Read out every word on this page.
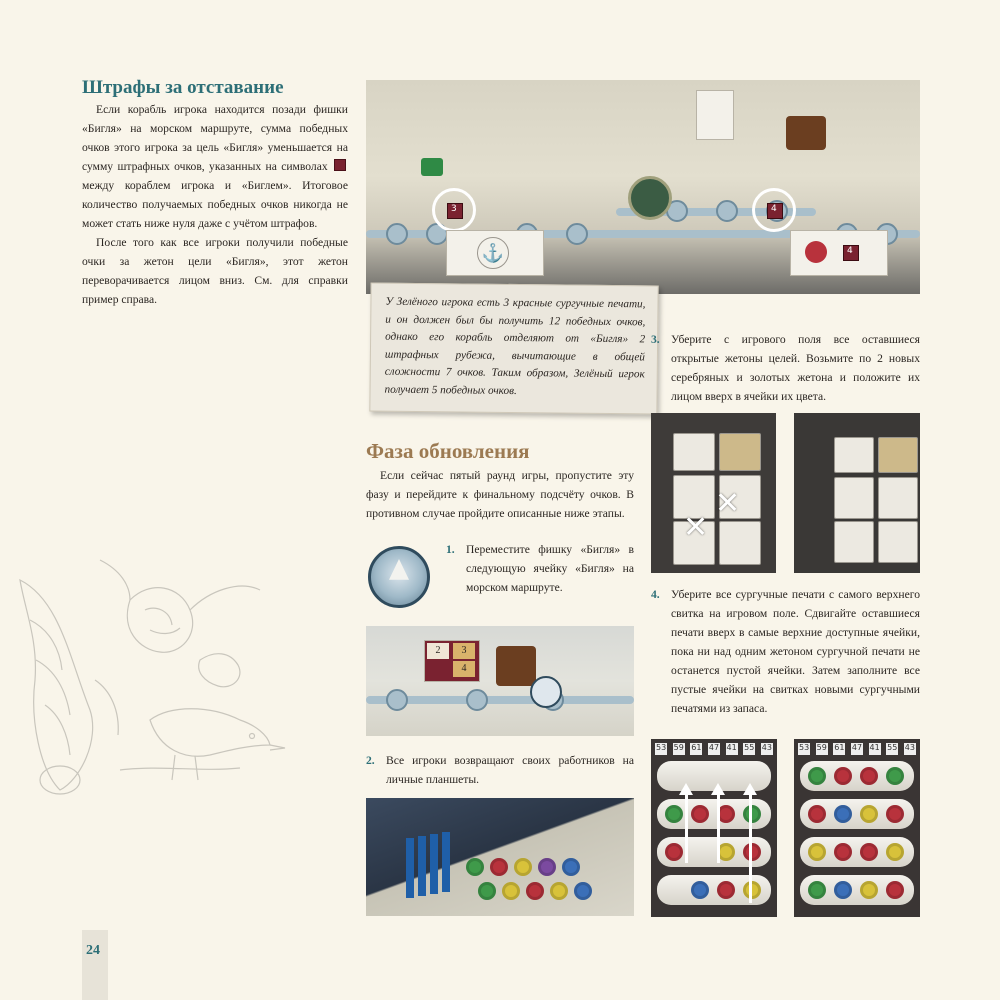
Штрафы за отставание

Если корабль игрока находится позади фишки «Бигля» на морском маршруте, сумма победных очков этого игрока за цель «Бигля» уменьшается на сумму штрафных очков, указанных на символах  между кораблем игрока и «Биглем». Итоговое количество получаемых победных очков никогда не может стать ниже нуля даже с учётом штрафов.

После того как все игроки получили победные очки за жетон цели «Бигля», этот жетон переворачивается лицом вниз. См. для справки пример справа.

3	4
⚓	4
У Зелёного игрока есть 3 красные сургучные печати, и он должен был бы получить 12 победных очков, однако его корабль отделяют от «Бигля» 2 штрафных рубежа, вычитающие в общей сложности 7 очков. Таким образом, Зелёный игрок получает 5 победных очков.
Фаза обновления

Если сейчас пятый раунд игры, пропустите эту фазу и перейдите к финальному подсчёту очков. В противном случае пройдите описанные ниже этапы.

1. Переместите фишку «Бигля» в следующую ячейку «Бигля» на морском маршруте.
2	3
4
2. Все игроки возвращают своих работников на личные планшеты.
3. Уберите с игрового поля все оставшиеся открытые жетоны целей. Возьмите по 2 новых серебряных и золотых жетона и положите их лицом вверх в ячейки их цвета.
✕
✕
4. Уберите все сургучные печати с самого верхнего свитка на игровом поле. Сдвигайте оставшиеся печати вверх в самые верхние доступные ячейки, пока ни над одним жетоном сургучной печати не останется пустой ячейки. Затем заполните все пустые ячейки на свитках новыми сургучными печатями из запаса.
53 59 61 47 41 55 43	53 59 61 47 41 55 43
24
